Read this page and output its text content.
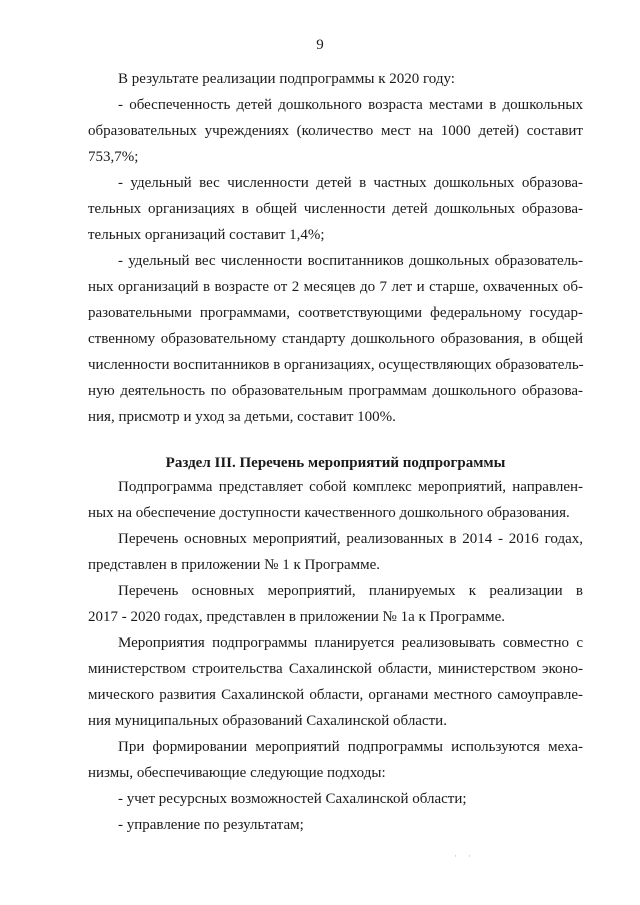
9
В результате реализации подпрограммы к 2020 году:
- обеспеченность детей дошкольного возраста местами в дошкольных
образовательных учреждениях (количество мест на 1000 детей) составит
753,7%;
- удельный вес численности детей в частных дошкольных образова-
тельных организациях в общей численности детей дошкольных образова-
тельных организаций составит 1,4%;
- удельный вес численности воспитанников дошкольных образователь-
ных организаций в возрасте от 2 месяцев до 7 лет и старше, охваченных об-
разовательными программами, соответствующими федеральному государ-
ственному образовательному стандарту дошкольного образования, в общей
численности воспитанников в организациях, осуществляющих образователь-
ную деятельность по образовательным программам дошкольного образова-
ния, присмотр и уход за детьми, составит 100%.
Раздел III. Перечень мероприятий подпрограммы
Подпрограмма представляет собой комплекс мероприятий, направлен-
ных на обеспечение доступности качественного дошкольного образования.
Перечень основных мероприятий, реализованных в 2014 - 2016 годах,
представлен в приложении № 1 к Программе.
Перечень основных мероприятий, планируемых к реализации в
2017 - 2020 годах, представлен в приложении № 1а к Программе.
Мероприятия подпрограммы планируется реализовывать совместно с
министерством строительства Сахалинской области, министерством эконо-
мического развития Сахалинской области, органами местного самоуправле-
ния муниципальных образований Сахалинской области.
При формировании мероприятий подпрограммы используются меха-
низмы, обеспечивающие следующие подходы:
- учет ресурсных возможностей Сахалинской области;
- управление по результатам;
· ·
